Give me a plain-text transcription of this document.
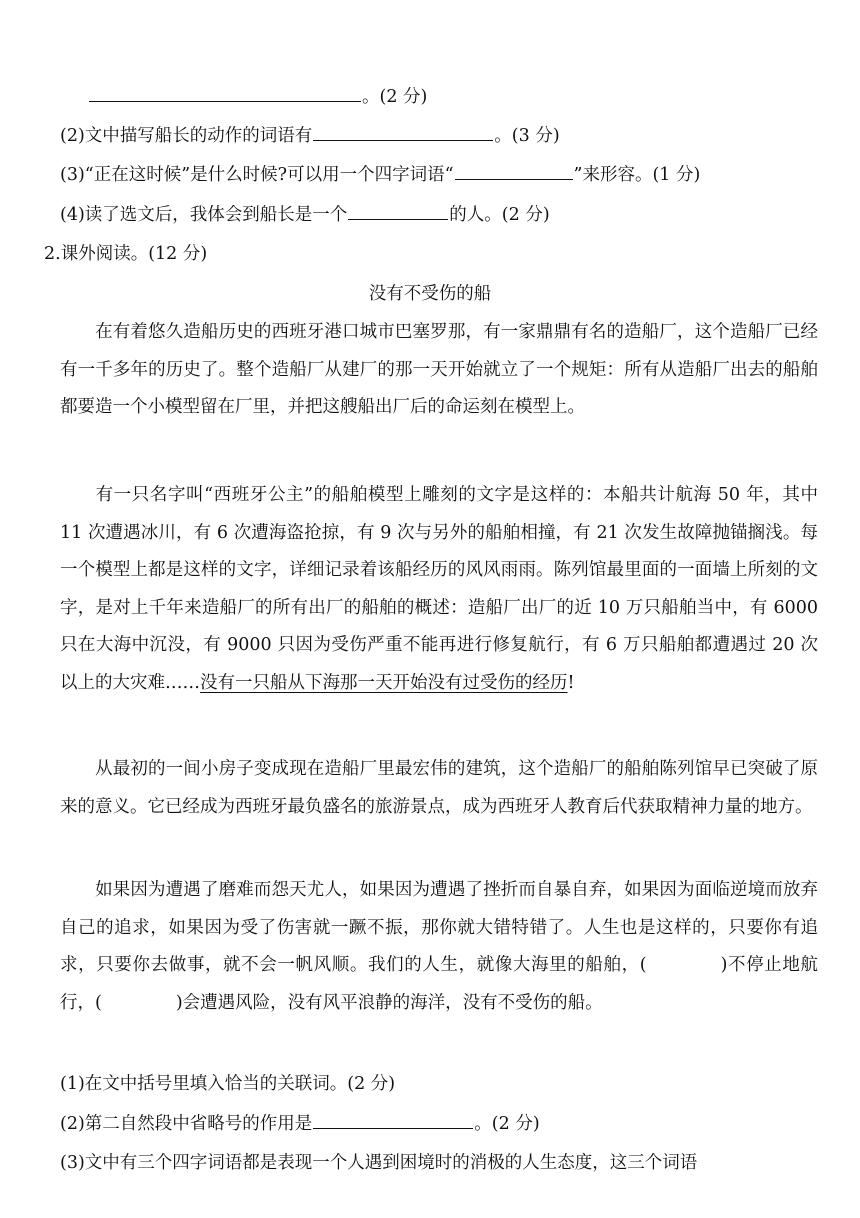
。(2 分)
(2)文中描写船长的动作的词语有	。(3 分)
(3)“正在这时候”是什么时候?可以用一个四字词语“	”来形容。(1 分)
(4)读了选文后，我体会到船长是一个	的人。(2 分)
2.课外阅读。(12 分)
没有不受伤的船
在有着悠久造船历史的西班牙港口城市巴塞罗那，有一家鼎鼎有名的造船厂，这个造船厂已经有一千多年的历史了。整个造船厂从建厂的那一天开始就立了一个规矩：所有从造船厂出去的船舶都要造一个小模型留在厂里，并把这艘船出厂后的命运刻在模型上。
有一只名字叫“西班牙公主”的船舶模型上雕刻的文字是这样的：本船共计航海 50 年，其中 11 次遭遇冰川，有 6 次遭海盗抢掠，有 9 次与另外的船舶相撞，有 21 次发生故障抛锚搁浅。每一个模型上都是这样的文字，详细记录着该船经历的风风雨雨。陈列馆最里面的一面墙上所刻的文字，是对上千年来造船厂的所有出厂的船舶的概述：造船厂出厂的近 10 万只船舶当中，有 6000 只在大海中沉没，有 9000 只因为受伤严重不能再进行修复航行，有 6 万只船舶都遭遇过 20 次以上的大灾难……没有一只船从下海那一天开始没有过受伤的经历!
从最初的一间小房子变成现在造船厂里最宏伟的建筑，这个造船厂的船舶陈列馆早已突破了原来的意义。它已经成为西班牙最负盛名的旅游景点，成为西班牙人教育后代获取精神力量的地方。
如果因为遭遇了磨难而怨天尤人，如果因为遭遇了挫折而自暴自弃，如果因为面临逆境而放弃自己的追求，如果因为受了伤害就一蹶不振，那你就大错特错了。人生也是这样的，只要你有追求，只要你去做事，就不会一帆风顺。我们的人生，就像大海里的船舶，(	)不停止地航行，(	)会遭遇风险，没有风平浪静的海洋，没有不受伤的船。
(1)在文中括号里填入恰当的关联词。(2 分)
(2)第二自然段中省略号的作用是	。(2 分)
(3)文中有三个四字词语都是表现一个人遇到困境时的消极的人生态度，这三个词语
